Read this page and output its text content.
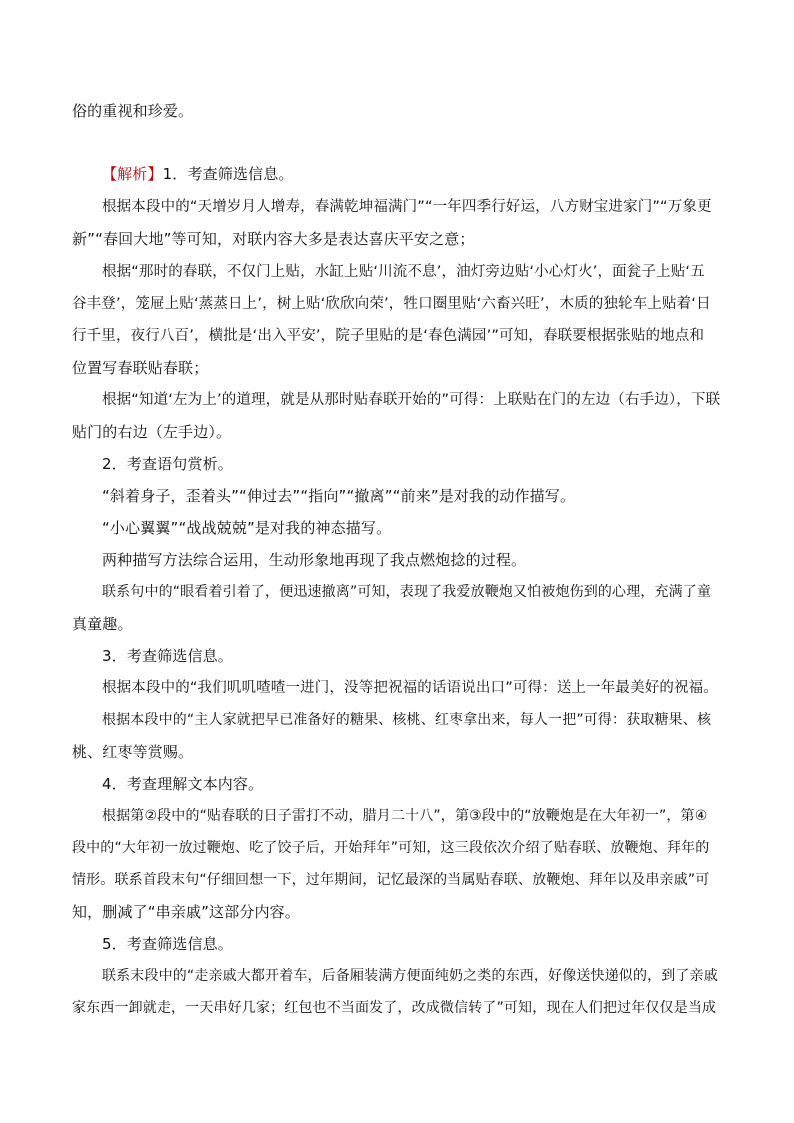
俗的重视和珍爱。
【解析】1．考查筛选信息。
根据本段中的“天增岁月人增寿，春满乾坤福满门”“一年四季行好运，八方财宝进家门”“万象更
新”“春回大地”等可知，对联内容大多是表达喜庆平安之意；
根据“那时的春联，不仅门上贴，水缸上贴‘川流不息’，油灯旁边贴‘小心灯火’，面瓮子上贴‘五
谷丰登’，笼屉上贴‘蒸蒸日上’，树上贴‘欣欣向荣’，牲口圈里贴‘六畜兴旺’，木质的独轮车上贴着‘日
行千里，夜行八百’，横批是‘出入平安’，院子里贴的是‘春色满园’”可知，春联要根据张贴的地点和
位置写春联贴春联；
根据“知道‘左为上’的道理，就是从那时贴春联开始的”可得：上联贴在门的左边（右手边），下联
贴门的右边（左手边）。
2．考查语句赏析。
“斜着身子，歪着头”“伸过去”“指向”“撤离”“前来”是对我的动作描写。
“小心翼翼”“战战兢兢”是对我的神态描写。
两种描写方法综合运用，生动形象地再现了我点燃炮捻的过程。
联系句中的“眼看着引着了，便迅速撤离”可知，表现了我爱放鞭炮又怕被炮伤到的心理，充满了童
真童趣。
3．考查筛选信息。
根据本段中的“我们叽叽喳喳一进门，没等把祝福的话语说出口”可得：送上一年最美好的祝福。
根据本段中的“主人家就把早已准备好的糖果、核桃、红枣拿出来，每人一把”可得：获取糖果、核
桃、红枣等赏赐。
4．考查理解文本内容。
根据第②段中的“贴春联的日子雷打不动，腊月二十八”，第③段中的“放鞭炮是在大年初一”，第④
段中的“大年初一放过鞭炮、吃了饺子后，开始拜年”可知，这三段依次介绍了贴春联、放鞭炮、拜年的
情形。联系首段末句“仔细回想一下，过年期间，记忆最深的当属贴春联、放鞭炮、拜年以及串亲戚”可
知，删减了“串亲戚”这部分内容。
5．考查筛选信息。
联系末段中的“走亲戚大都开着车，后备厢装满方便面纯奶之类的东西，好像送快递似的，到了亲戚
家东西一卸就走，一天串好几家；红包也不当面发了，改成微信转了”可知，现在人们把过年仅仅是当成
